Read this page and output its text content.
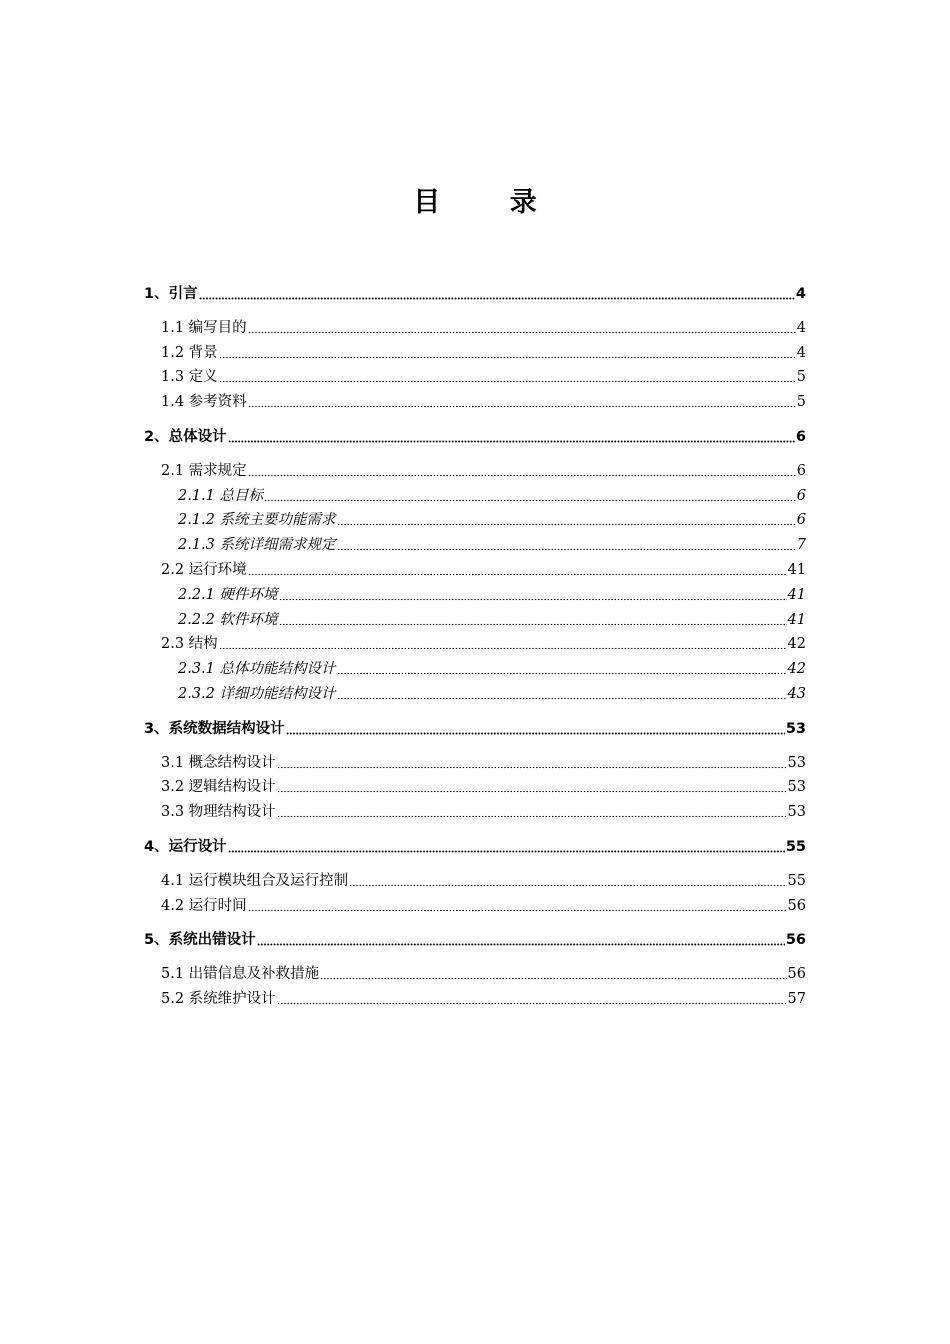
目 录
1、引言	4
1.1 编写目的	4
1.2 背景	4
1.3 定义	5
1.4 参考资料	5
2、总体设计	6
2.1 需求规定	6
2.1.1 总目标	6
2.1.2 系统主要功能需求	6
2.1.3 系统详细需求规定	7
2.2 运行环境	41
2.2.1 硬件环境	41
2.2.2 软件环境	41
2.3 结构	42
2.3.1 总体功能结构设计	42
2.3.2 详细功能结构设计	43
3、系统数据结构设计	53
3.1 概念结构设计	53
3.2 逻辑结构设计	53
3.3 物理结构设计	53
4、运行设计	55
4.1 运行模块组合及运行控制	55
4.2 运行时间	56
5、系统出错设计	56
5.1 出错信息及补救措施	56
5.2 系统维护设计	57
